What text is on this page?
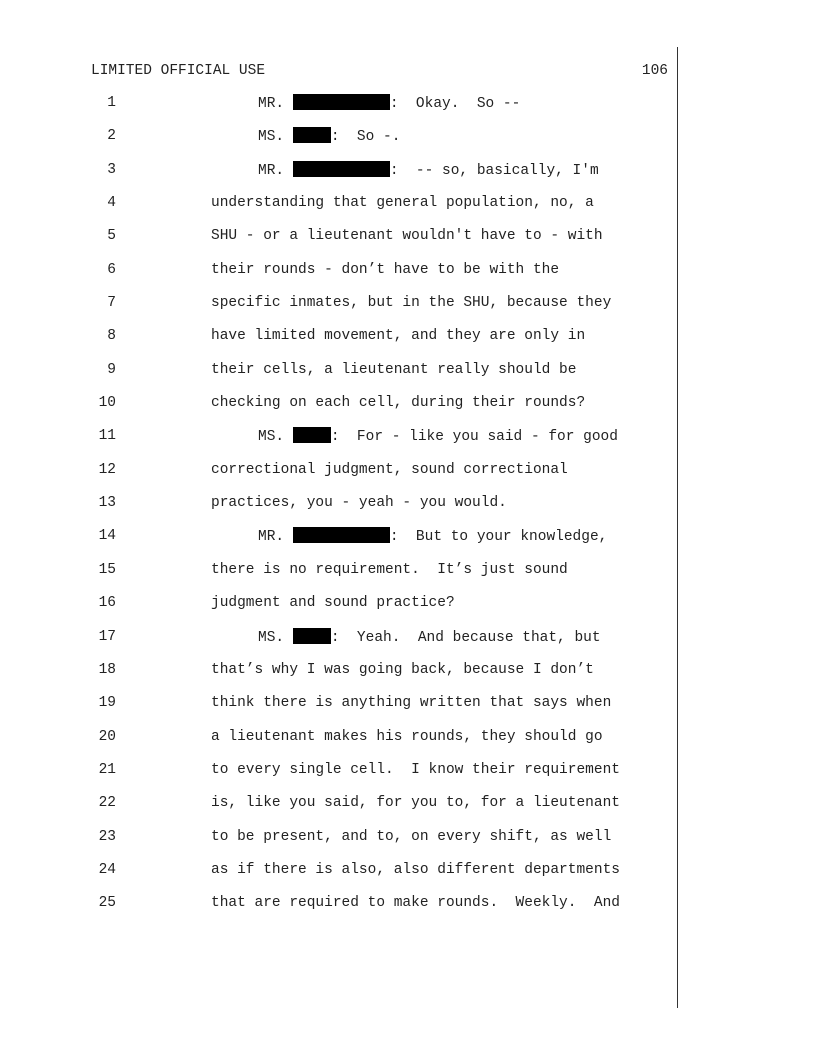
LIMITED OFFICIAL USE	106
1	MR.	:  Okay.  So --
2	MS.	:  So -.
3	MR.	:  -- so, basically, I'm
4	understanding that general population, no, a
5	SHU - or a lieutenant wouldn't have to - with
6	their rounds - don’t have to be with the
7	specific inmates, but in the SHU, because they
8	have limited movement, and they are only in
9	their cells, a lieutenant really should be
10	checking on each cell, during their rounds?
11	MS.	:  For - like you said - for good
12	correctional judgment, sound correctional
13	practices, you - yeah - you would.
14	MR.	:  But to your knowledge,
15	there is no requirement.  It’s just sound
16	judgment and sound practice?
17	MS.	:  Yeah.  And because that, but
18	that’s why I was going back, because I don’t
19	think there is anything written that says when
20	a lieutenant makes his rounds, they should go
21	to every single cell.  I know their requirement
22	is, like you said, for you to, for a lieutenant
23	to be present, and to, on every shift, as well
24	as if there is also, also different departments
25	that are required to make rounds.  Weekly.  And
